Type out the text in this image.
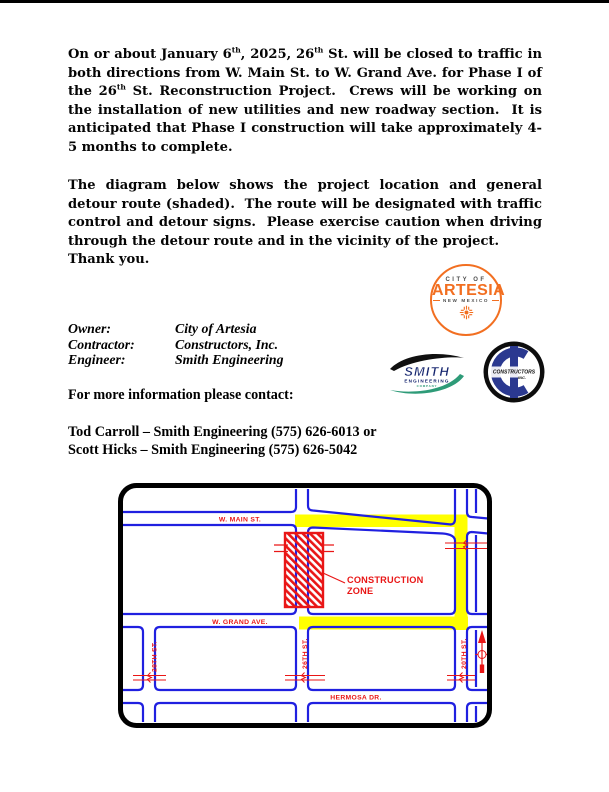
On or about January 6th, 2025, 26th St. will be closed to traffic in both directions from W. Main St. to W. Grand Ave. for Phase I of the 26th St. Reconstruction Project.  Crews will be working on the installation of new utilities and new roadway section.  It is anticipated that Phase I construction will take approximately 4-5 months to complete.

The diagram below shows the project location and general detour route (shaded).  The route will be designated with traffic control and detour signs.  Please exercise caution when driving through the detour route and in the vicinity of the project.
Thank you.

CITY OF
ARTESIA
NEW MEXICO
Owner:	City of Artesia
Contractor:	Constructors, Inc.
Engineer:	Smith Engineering
SMITH
ENGINEERING
COMPANY
CONSTRUCTORS
INC.

For more information please contact:

Tod Carroll – Smith Engineering (575) 626-6013 or
Scott Hicks – Smith Engineering (575) 626-5042

CONSTRUCTION
ZONE
W. MAIN ST.
W. GRAND AVE.
HERMOSA DR.
28TH ST.	26TH ST.	20TH ST.
